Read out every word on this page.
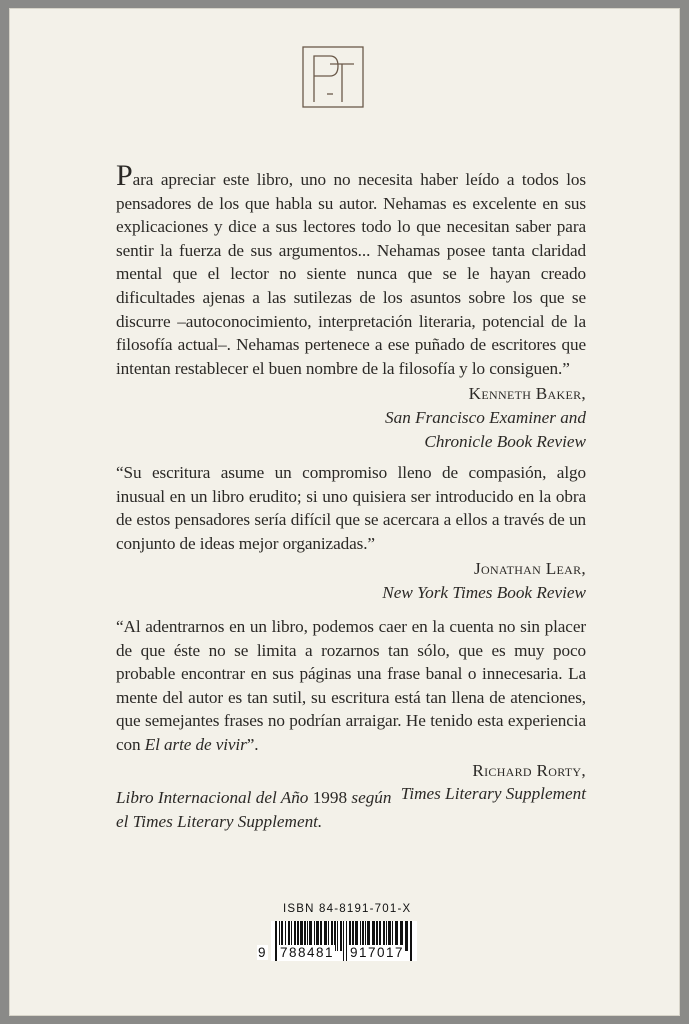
Para apreciar este libro, uno no necesita haber leído a todos los pensadores de los que habla su autor. Nehamas es excelente en sus explicaciones y dice a sus lectores todo lo que necesitan saber para sentir la fuerza de sus argumentos... Nehamas posee tanta claridad mental que el lector no siente nunca que se le hayan creado dificultades ajenas a las sutilezas de los asuntos sobre los que se discurre –autoconocimiento, interpretación literaria, potencial de la filosofía actual–. Nehamas pertenece a ese puñado de escritores que intentan restablecer el buen nombre de la filosofía y lo consiguen.”

Kenneth Baker,

San Francisco Examiner and

Chronicle Book Review

“Su escritura asume un compromiso lleno de compasión, algo inusual en un libro erudito; si uno quisiera ser introducido en la obra de estos pensadores sería difícil que se acercara a ellos a través de un conjunto de ideas mejor organizadas.”

Jonathan Lear,

New York Times Book Review

“Al adentrarnos en un libro, podemos caer en la cuenta no sin placer de que éste no se limita a rozarnos tan sólo, que es muy poco probable encontrar en sus páginas una frase banal o innecesaria. La mente del autor es tan sutil, su escritura está tan llena de atenciones, que semejantes frases no podrían arraigar. He tenido esta experiencia con El arte de vivir”.

Richard Rorty,

Times Literary Supplement

Libro Internacional del Año 1998 según
el Times Literary Supplement.
ISBN 84-8191-701-X
9 788481 917017
